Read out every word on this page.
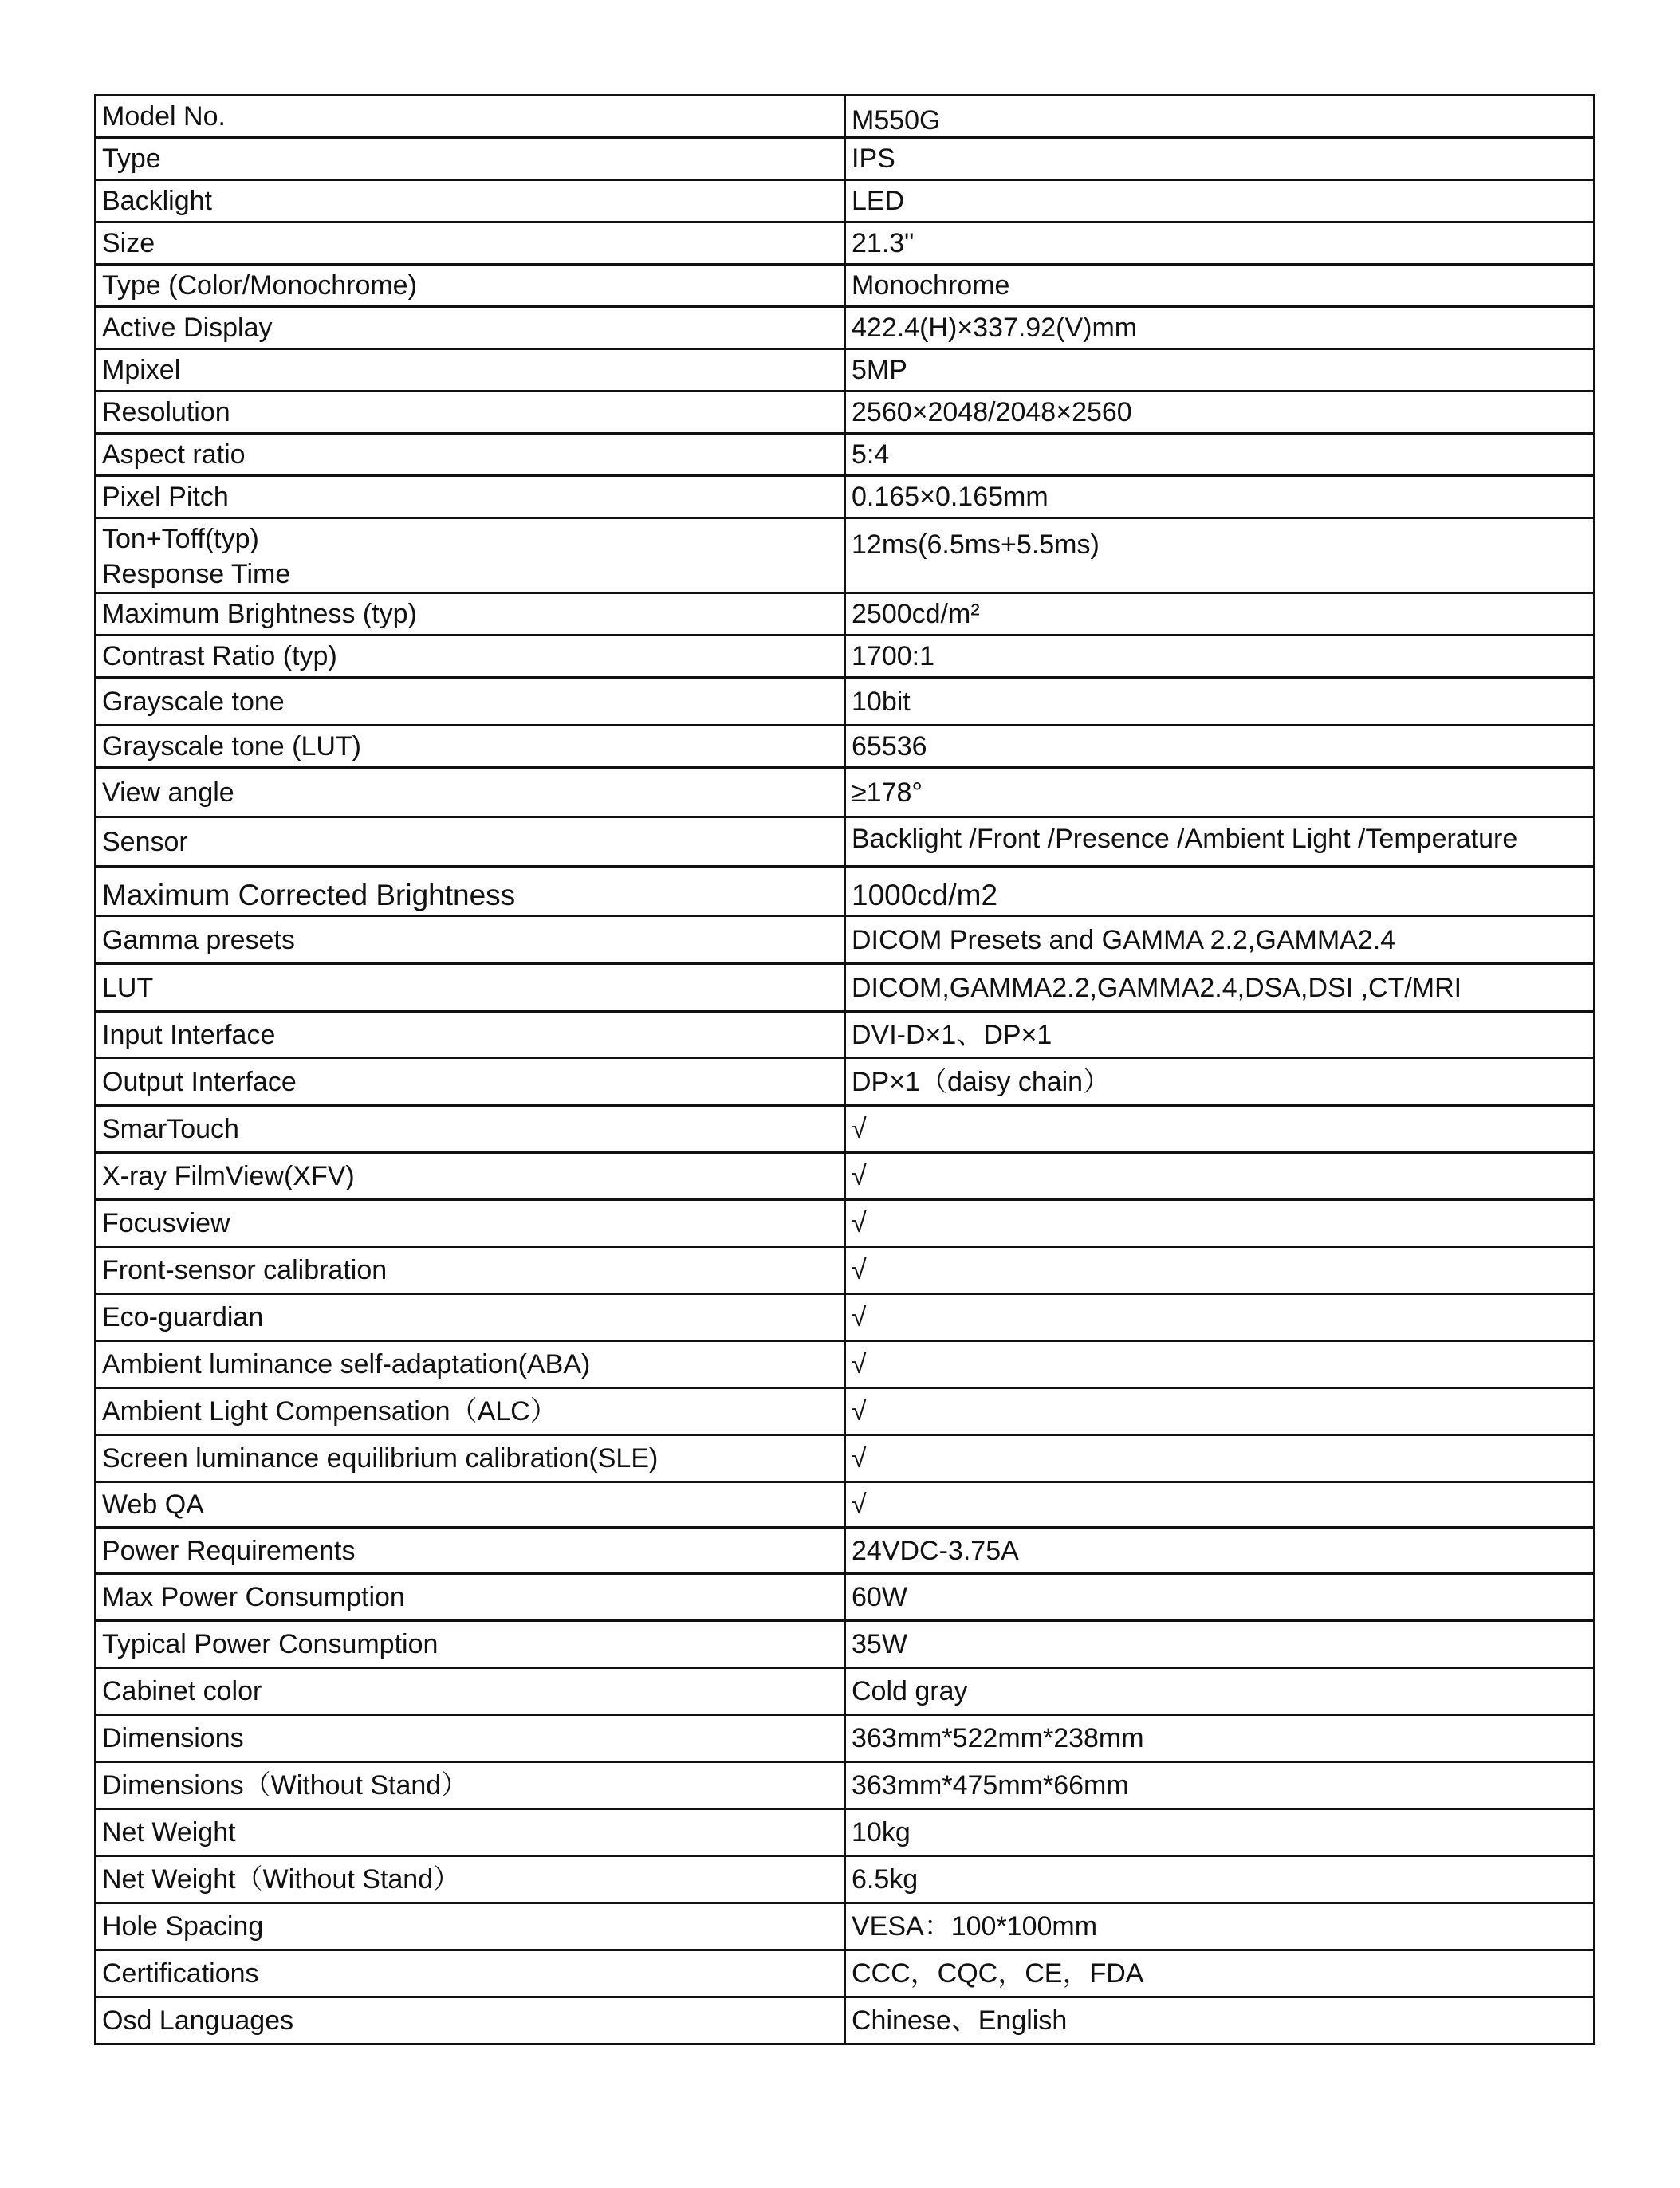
Model No.	M550G
Type	IPS
Backlight	LED
Size	21.3"
Type (Color/Monochrome)	Monochrome
Active Display	422.4(H)×337.92(V)mm
Mpixel	5MP
Resolution	2560×2048/2048×2560
Aspect ratio	5:4
Pixel Pitch	0.165×0.165mm

Ton+Toff(typ)
Response Time	12ms(6.5ms+5.5ms)
Maximum Brightness (typ)	2500cd/m²
Contrast Ratio (typ)	1700:1
Grayscale tone	10bit
Grayscale tone (LUT)	65536
View angle	≥178°
Sensor	Backlight /Front /Presence /Ambient Light /Temperature
Maximum Corrected Brightness	1000cd/m2
Gamma presets	DICOM Presets and GAMMA 2.2,GAMMA2.4
LUT	DICOM,GAMMA2.2,GAMMA2.4,DSA,DSI ,CT/MRI
Input Interface	DVI-D×1、DP×1
Output Interface	DP×1（daisy chain）
SmarTouch	√
X-ray FilmView(XFV)	√
Focusview	√
Front-sensor calibration	√
Eco-guardian	√
Ambient luminance self-adaptation(ABA)	√
Ambient Light Compensation（ALC）	√
Screen luminance equilibrium calibration(SLE)	√
Web QA	√
Power Requirements	24VDC-3.75A
Max Power Consumption	60W
Typical Power Consumption	35W
Cabinet color	Cold gray
Dimensions	363mm*522mm*238mm
Dimensions（Without Stand）	363mm*475mm*66mm
Net Weight	10kg
Net Weight（Without Stand）	6.5kg
Hole Spacing	VESA：100*100mm
Certifications	CCC，CQC，CE，FDA
Osd Languages	Chinese、English
